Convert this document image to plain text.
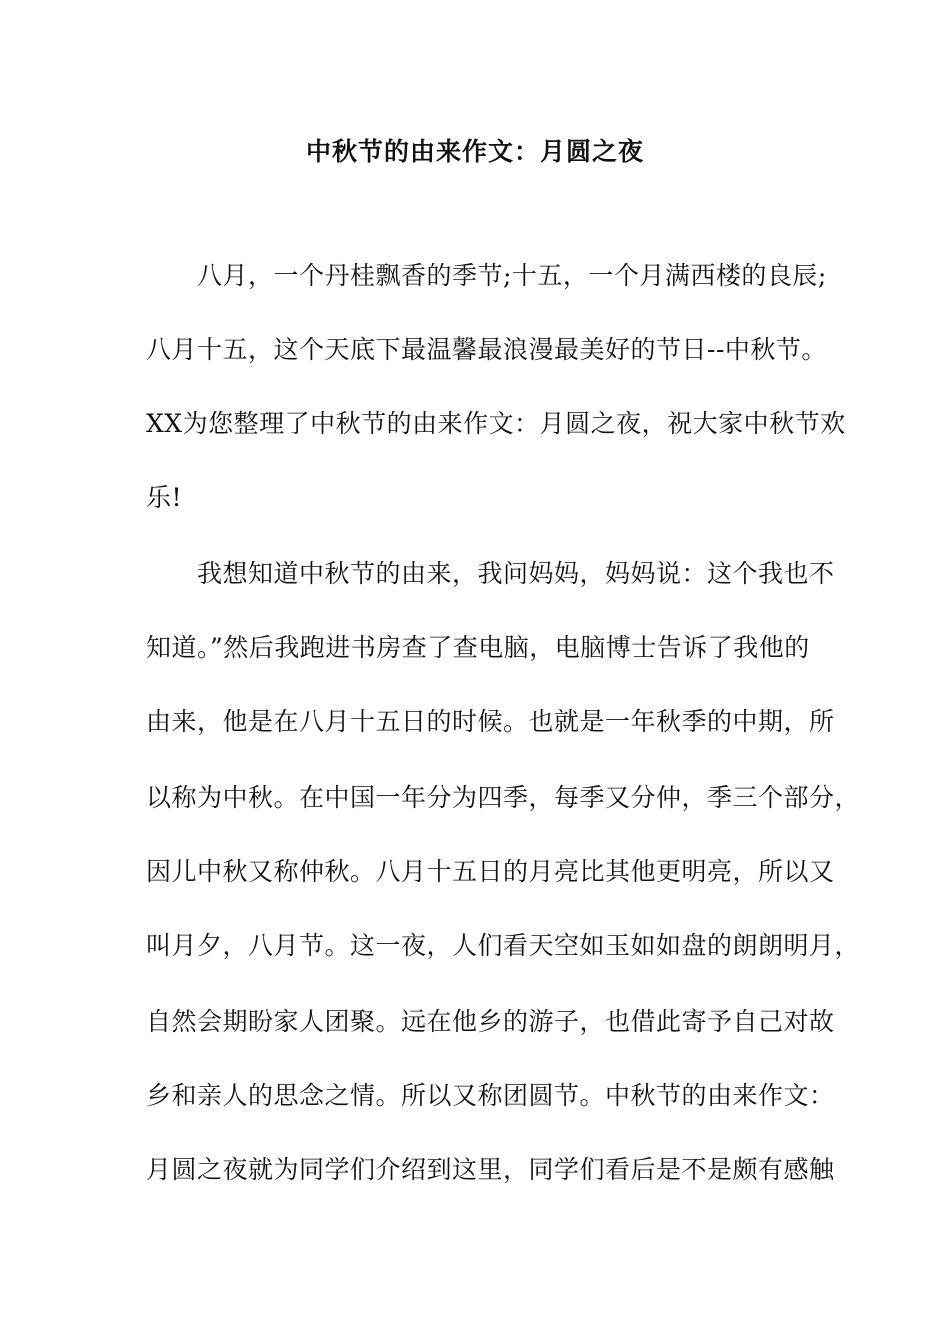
中秋节的由来作文：月圆之夜
　　八月，一个丹桂飘香的季节;十五，一个月满西楼的良辰;
八月十五，这个天底下最温馨最浪漫最美好的节日--中秋节。
XX为您整理了中秋节的由来作文：月圆之夜，祝大家中秋节欢
乐!
　　我想知道中秋节的由来，我问妈妈，妈妈说：这个我也不
知道。”然后我跑进书房查了查电脑，电脑博士告诉了我他的
由来，他是在八月十五日的时候。也就是一年秋季的中期，所
以称为中秋。在中国一年分为四季，每季又分仲，季三个部分，
因儿中秋又称仲秋。八月十五日的月亮比其他更明亮，所以又
叫月夕，八月节。这一夜，人们看天空如玉如如盘的朗朗明月，
自然会期盼家人团聚。远在他乡的游子，也借此寄予自己对故
乡和亲人的思念之情。所以又称团圆节。中秋节的由来作文：
月圆之夜就为同学们介绍到这里，同学们看后是不是颇有感触
